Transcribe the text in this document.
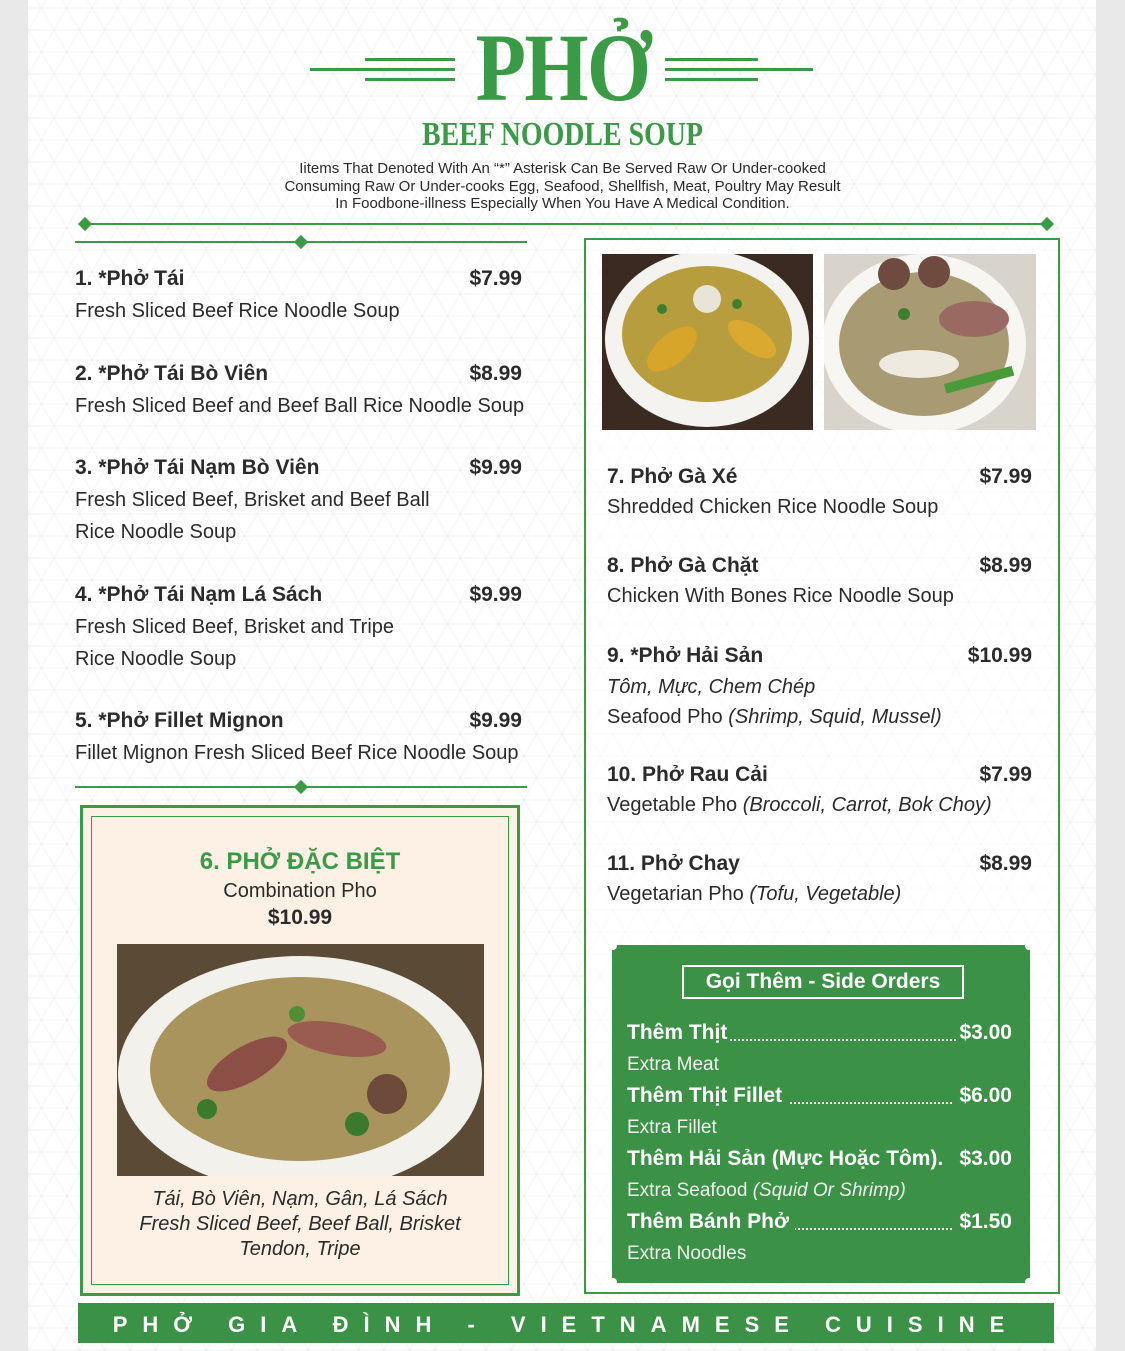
PHỞ
BEEF NOODLE SOUP
Iitems That Denoted With An “*” Asterisk Can Be Served Raw Or Under-cooked
Consuming Raw Or Under-cooks Egg, Seafood, Shellfish, Meat, Poultry May Result
In Foodbone-illness Especially When You Have A Medical Condition.
1. *Phở Tái	$7.99
Fresh Sliced Beef Rice Noodle Soup
2. *Phở Tái Bò Viên	$8.99
Fresh Sliced Beef and Beef Ball Rice Noodle Soup
3. *Phở Tái Nạm Bò Viên	$9.99
Fresh Sliced Beef, Brisket and Beef Ball
Rice Noodle Soup
4. *Phở Tái Nạm Lá Sách	$9.99
Fresh Sliced Beef, Brisket and Tripe
Rice Noodle Soup
5. *Phở Fillet Mignon	$9.99
Fillet Mignon Fresh Sliced Beef Rice Noodle Soup
6. PHỞ ĐẶC BIỆT
Combination Pho
$10.99
Tái, Bò Viên, Nạm, Gân, Lá Sách
Fresh Sliced Beef, Beef Ball, Brisket
Tendon, Tripe
7. Phở Gà Xé	$7.99
Shredded Chicken Rice Noodle Soup
8. Phở Gà Chặt	$8.99
Chicken With Bones Rice Noodle Soup
9. *Phở Hải Sản	$10.99
Tôm, Mực, Chem Chép
Seafood Pho (Shrimp, Squid, Mussel)
10. Phở Rau Cải	$7.99
Vegetable Pho (Broccoli, Carrot, Bok Choy)
11. Phở Chay	$8.99
Vegetarian Pho (Tofu, Vegetable)
Gọi Thêm - Side Orders
Thêm Thịt	$3.00
Extra Meat
Thêm Thịt Fillet	$6.00
Extra Fillet
Thêm Hải Sản (Mực Hoặc Tôm). $3.00
Extra Seafood (Squid Or Shrimp)
Thêm Bánh Phở	$1.50
Extra Noodles
PHỞ GIA ĐÌNH - VIETNAMESE CUISINE
